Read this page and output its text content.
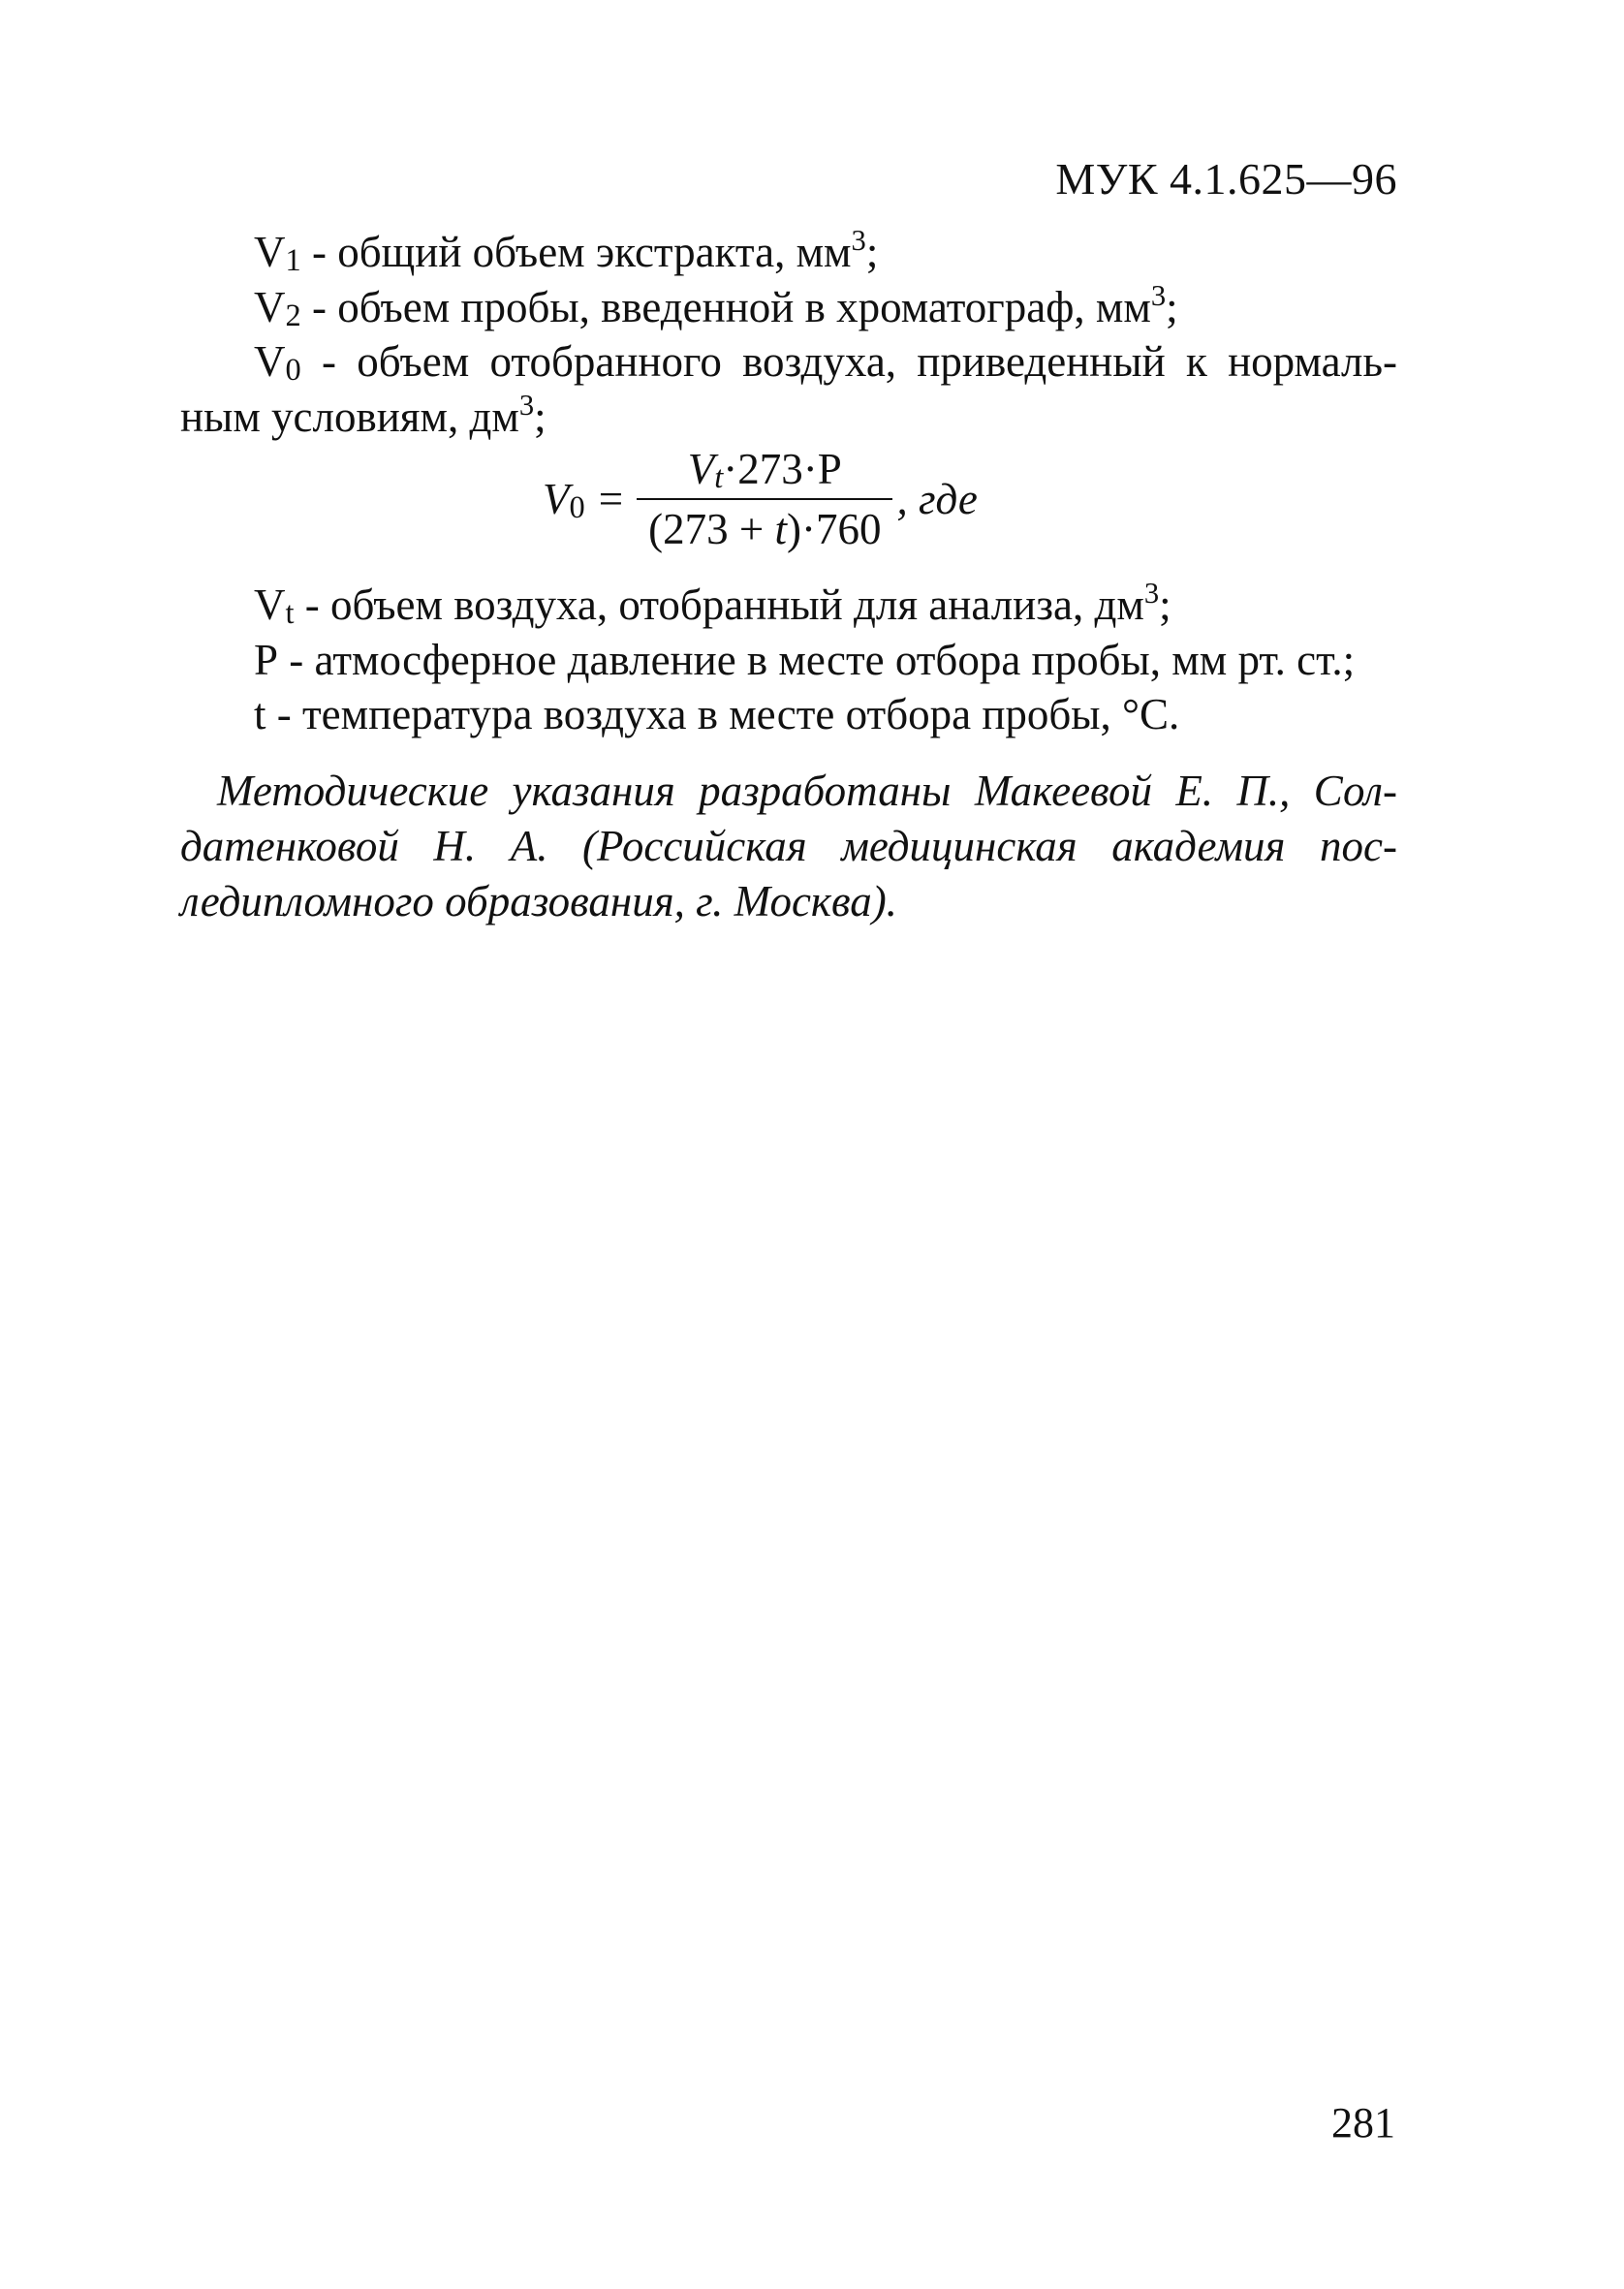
МУК 4.1.625—96
V1 - общий объем экстракта, $мм^3$;
V2 - объем пробы, введенной в хроматограф, $мм^3$;
V0 - объем отобранного воздуха, приведенный к нормаль-
ным условиям, $дм^3$;
$V0 = \frac{Vt\cdot 273\cdot P}{(273 + t)\cdot 760}$ , где
Vt - объем воздуха, отобранный для анализа, $дм^3$;
P - атмосферное давление в месте отбора пробы, мм рт. ст.;
t - температура воздуха в месте отбора пробы, °С.
Методические указания разработаны Макеевой Е. П., Сол-
датенковой Н. А. (Российская медицинская академия пос-
ледипломного образования, г. Москва).
281
